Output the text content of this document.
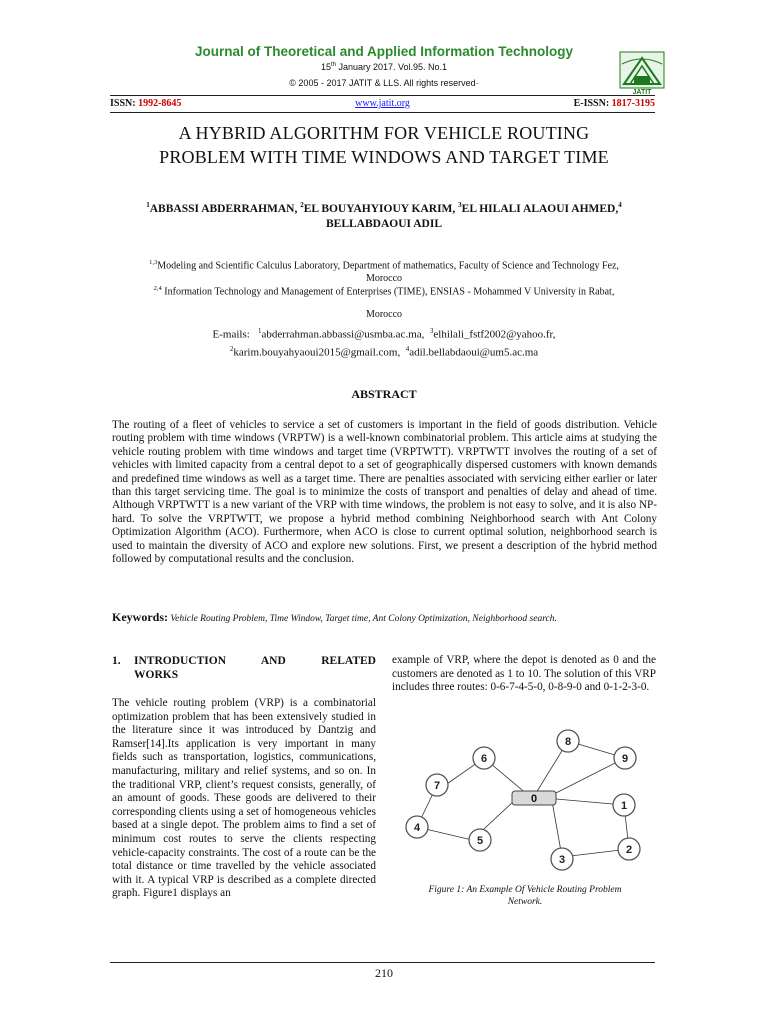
Journal of Theoretical and Applied Information Technology
15th January 2017. Vol.95. No.1
© 2005 - 2017 JATIT & LLS. All rights reserved·
JATIT
ISSN: 1992-8645	www.jatit.org	E-ISSN: 1817-3195
A HYBRID ALGORITHM FOR VEHICLE ROUTING
PROBLEM WITH TIME WINDOWS AND TARGET TIME
$^1$ABBASSI ABDERRAHMAN, $^2$EL BOUYAHYIOUY KARIM, $^3$EL HILALI ALAOUI AHMED,$^4$
BELLABDAOUI ADIL
$^{1,3}$Modeling and Scientific Calculus Laboratory, Department of mathematics, Faculty of Science and Technology Fez,
Morocco
$^{2,4}$ Information Technology and Management of Enterprises (TIME), ENSIAS - Mohammed V University in Rabat,
Morocco
E-mails: $^1$abderrahman.abbassi@usmba.ac.ma, $^3$elhilali_fstf2002@yahoo.fr,
$^2$karim.bouyahyaoui2015@gmail.com, $^4$adil.bellabdaoui@um5.ac.ma
ABSTRACT
The routing of a fleet of vehicles to service a set of customers is important in the field of goods distribution. Vehicle routing problem with time windows (VRPTW) is a well-known combinatorial problem. This article aims at studying the vehicle routing problem with time windows and target time (VRPTWTT). VRPTWTT involves the routing of a set of vehicles with limited capacity from a central depot to a set of geographically dispersed customers with known demands and predefined time windows as well as a target time. There are penalties associated with servicing either earlier or later than this target servicing time. The goal is to minimize the costs of transport and penalties of delay and ahead of time. Although VRPTWTT is a new variant of the VRP with time windows, the problem is not easy to solve, and it is also NP-hard. To solve the VRPTWTT, we propose a hybrid method combining Neighborhood search with Ant Colony Optimization Algorithm (ACO). Furthermore, when ACO is close to current optimal solution, neighborhood search is used to maintain the diversity of ACO and explore new solutions. First, we present a description of the hybrid method followed by computational results and the conclusion.
Keywords: Vehicle Routing Problem, Time Window, Target time, Ant Colony Optimization, Neighborhood search.
1. INTRODUCTION AND RELATED
WORKS
The vehicle routing problem (VRP) is a combinatorial optimization problem that has been extensively studied in the literature since it was introduced by Dantzig and Ramser[14].Its application is very important in many fields such as transportation, logistics, communications, manufacturing, military and relief systems, and so on. In the traditional VRP, client’s request consists, generally, of an amount of goods. These goods are delivered to their corresponding clients using a set of homogeneous vehicles based at a single depot. The problem aims to find a set of minimum cost routes to serve the clients respecting vehicle-capacity constraints. The cost of a route can be the total distance or time travelled by the vehicle associated with it. A typical VRP is described as a complete directed graph. Figure1 displays an
example of VRP, where the depot is denoted as 0 and the customers are denoted as 1 to 10. The solution of this VRP includes three routes: 0-6-7-4-5-0, 0-8-9-0 and 0-1-2-3-0.
6
7
4
5
8
9
1
2
3
0
Figure 1: An Example Of Vehicle Routing Problem
Network.
210
